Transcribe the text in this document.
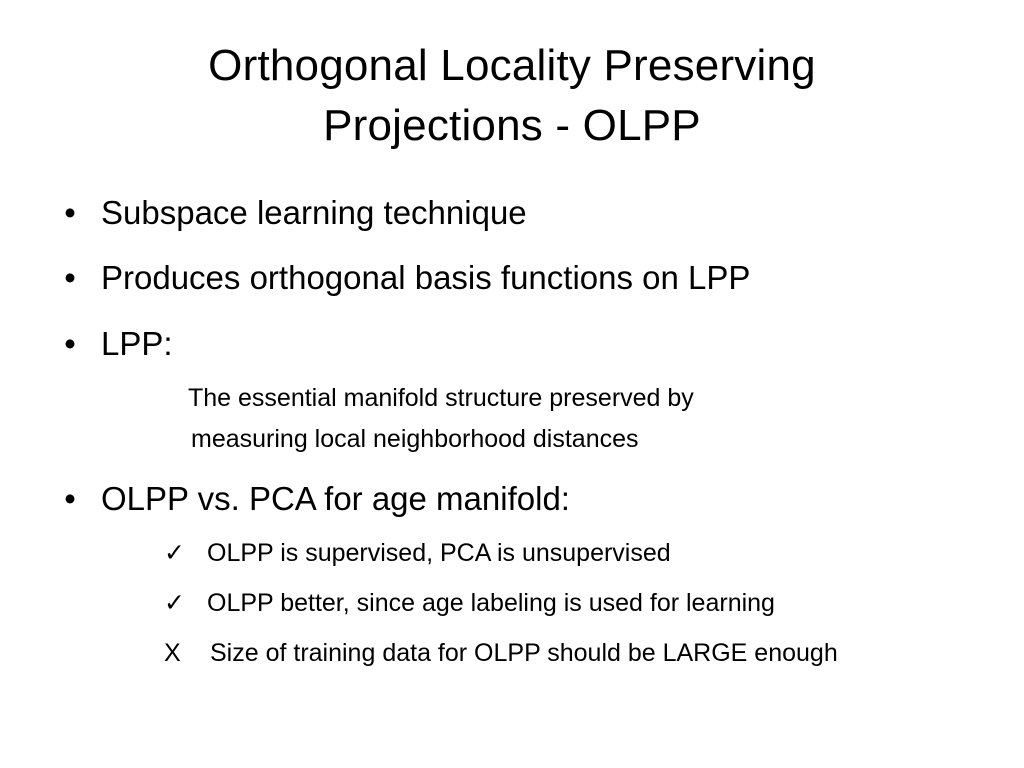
Orthogonal Locality Preserving
Projections - OLPP
• Subspace learning technique
• Produces orthogonal basis functions on LPP
• LPP:
The essential manifold structure preserved by
measuring local neighborhood distances
• OLPP vs. PCA for age manifold:
✓ OLPP is supervised, PCA is unsupervised
✓ OLPP better, since age labeling is used for learning
X Size of training data for OLPP should be LARGE enough
